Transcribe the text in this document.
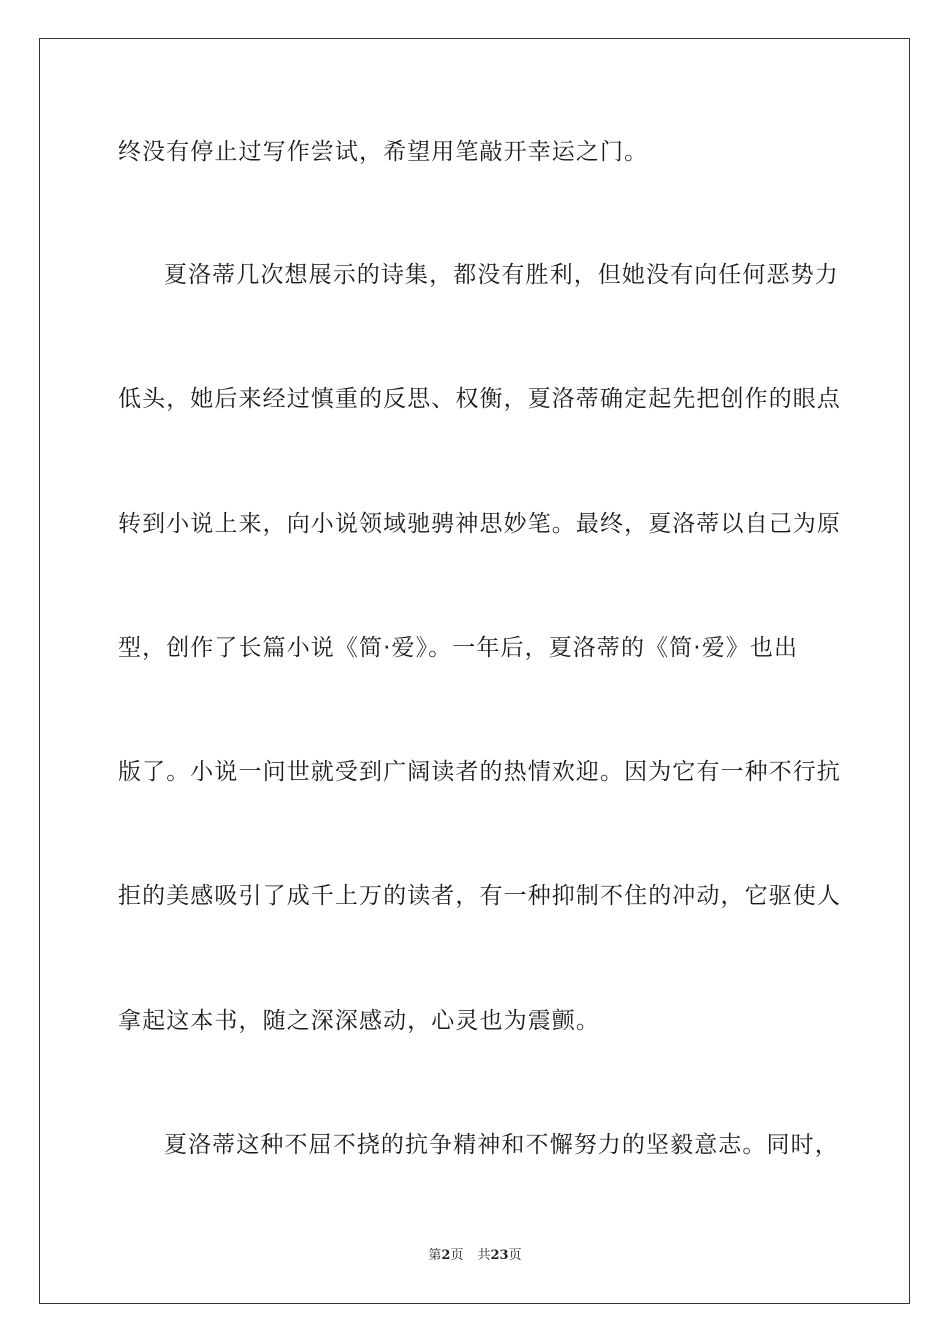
终没有停止过写作尝试，希望用笔敲开幸运之门。
夏洛蒂几次想展示的诗集，都没有胜利，但她没有向任何恶势力
低头，她后来经过慎重的反思、权衡，夏洛蒂确定起先把创作的眼点
转到小说上来，向小说领域驰骋神思妙笔。最终，夏洛蒂以自己为原
型，创作了长篇小说《简·爱》。一年后，夏洛蒂的《简·爱》也出
版了。小说一问世就受到广阔读者的热情欢迎。因为它有一种不行抗
拒的美感吸引了成千上万的读者，有一种抑制不住的冲动，它驱使人
拿起这本书，随之深深感动，心灵也为震颤。
夏洛蒂这种不屈不挠的抗争精神和不懈努力的坚毅意志。同时，
第2页 共23页
